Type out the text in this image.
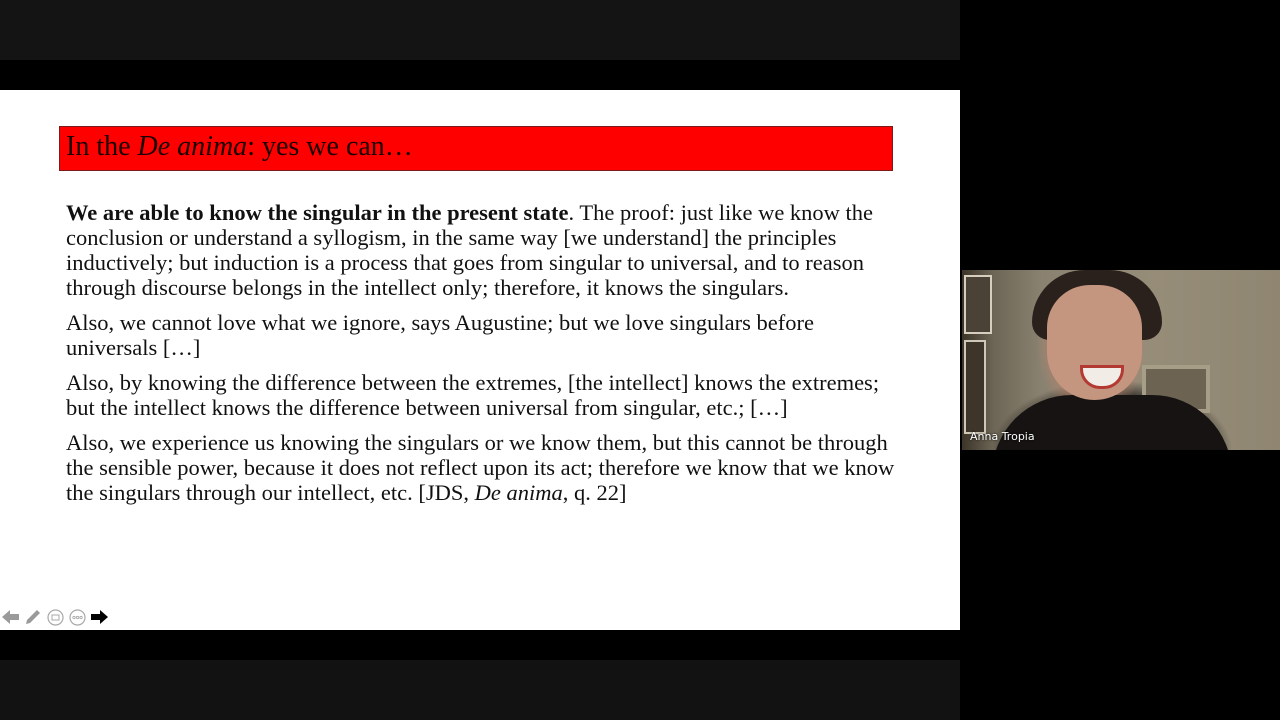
In the De anima: yes we can…

We are able to know the singular in the present state. The proof: just like we know the conclusion or understand a syllogism, in the same way [we understand] the principles inductively; but induction is a process that goes from singular to universal, and to reason through discourse belongs in the intellect only; therefore, it knows the singulars.

Also, we cannot love what we ignore, says Augustine; but we love singulars before universals […]

Also, by knowing the difference between the extremes, [the intellect] knows the extremes; but the intellect knows the difference between universal from singular, etc.; […]

Also, we experience us knowing the singulars or we know them, but this cannot be through the sensible power, because it does not reflect upon its act; therefore we know that we know the singulars through our intellect, etc. [JDS, De anima, q. 22]

Anna Tropia
